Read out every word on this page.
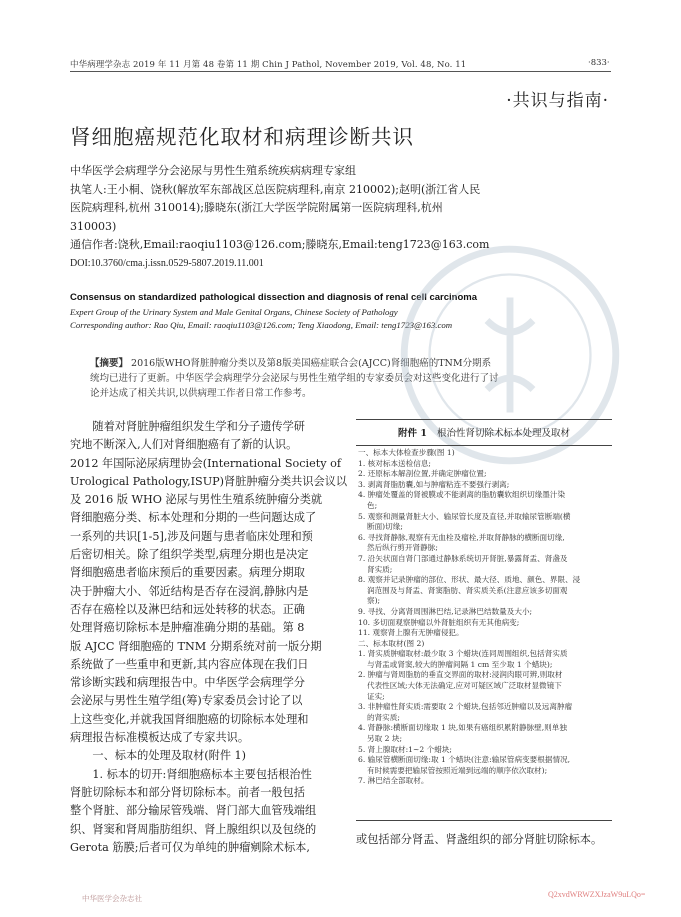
中华病理学杂志 2019 年 11 月第 48 卷第 11 期 Chin J Pathol, November 2019, Vol. 48, No. 11	·833·
·共识与指南·
肾细胞癌规范化取材和病理诊断共识
中华医学会病理学分会泌尿与男性生殖系统疾病病理专家组
执笔人:王小桐、饶秋(解放军东部战区总医院病理科,南京 210002);赵明(浙江省人民
医院病理科,杭州 310014);滕晓东(浙江大学医学院附属第一医院病理科,杭州
310003)
通信作者:饶秋,Email:raoqiu1103@126.com;滕晓东,Email:teng1723@163.com
DOI:10.3760/cma.j.issn.0529-5807.2019.11.001
Consensus on standardized pathological dissection and diagnosis of renal cell carcinoma
Expert Group of the Urinary System and Male Genital Organs, Chinese Society of Pathology
Corresponding author: Rao Qiu, Email: raoqiu1103@126.com; Teng Xiaodong, Email: teng1723@163.com
【摘要】 2016版WHO肾脏肿瘤分类以及第8版美国癌症联合会(AJCC)肾细胞癌的TNM分期系
统均已进行了更新。中华医学会病理学分会泌尿与男性生殖学组的专家委员会对这些变化进行了讨
论并达成了相关共识,以供病理工作者日常工作参考。
随着对肾脏肿瘤组织发生学和分子遗传学研
究地不断深入,人们对肾细胞癌有了新的认识。
2012 年国际泌尿病理协会(International Society of
Urological Pathology,ISUP)肾脏肿瘤分类共识会议以
及 2016 版 WHO 泌尿与男性生殖系统肿瘤分类就
肾细胞癌分类、标本处理和分期的一些问题达成了
一系列的共识[1-5],涉及问题与患者临床处理和预
后密切相关。除了组织学类型,病理分期也是决定
肾细胞癌患者临床预后的重要因素。病理分期取
决于肿瘤大小、邻近结构是否存在浸润,静脉内是
否存在癌栓以及淋巴结和远处转移的状态。正确
处理肾癌切除标本是肿瘤准确分期的基础。第 8
版 AJCC 肾细胞癌的 TNM 分期系统对前一版分期
系统做了一些重申和更新,其内容应体现在我们日
常诊断实践和病理报告中。中华医学会病理学分
会泌尿与男性生殖学组(筹)专家委员会讨论了以
上这些变化,并就我国肾细胞癌的切除标本处理和
病理报告标准模板达成了专家共识。
一、标本的处理及取材(附件 1)
1. 标本的切开:肾细胞癌标本主要包括根治性
肾脏切除标本和部分肾切除标本。前者一般包括
整个肾脏、部分输尿管残端、肾门部大血管残端组
织、肾窦和肾周脂肪组织、肾上腺组织以及包绕的
Gerota 筋膜;后者可仅为单纯的肿瘤剜除术标本,
附件 1 根治性肾切除术标本处理及取材
一、标本大体检查步骤(图 1)
1. 核对标本送检信息;
2. 还原标本解剖位置,并确定肿瘤位置;
3. 剥离肾脂肪囊,如与肿瘤粘连不要强行剥离;
4. 肿瘤处覆盖的肾被膜或不能剥离的脂肪囊软组织切缘墨汁染
色;
5. 观察和测量肾脏大小、输尿管长度及直径,并取输尿管断端(横
断面)切缘;
6. 寻找肾静脉,观察有无血栓及瘤栓,并取肾静脉的横断面切缘,
然后纵行剪开肾静脉;
7. 沿矢状面自肾门部通过静脉系统切开肾脏,暴露肾盂、肾盏及
肾实质;
8. 观察并记录肿瘤的部位、形状、最大径、质地、颜色、界限、浸
润范围及与肾盂、肾窦脂肪、肾实质关系(注意应该多切面观
察);
9. 寻找、分离肾周围淋巴结,记录淋巴结数量及大小;
10. 多切面观察肿瘤以外肾脏组织有无其他病变;
11. 观察肾上腺有无肿瘤侵犯。
二、标本取材(图 2)
1. 肾实质肿瘤取材:最少取 3 个蜡块(连同周围组织,包括肾实质
与肾盂或肾窦,较大的肿瘤间隔 1 cm 至少取 1 个蜡块);
2. 肿瘤与肾周脂肪的垂直交界面的取材:浸润肉眼可辨,则取材
代表性区域;大体无法确定,应对可疑区域广泛取材显微镜下
证实;
3. 非肿瘤性肾实质:需要取 2 个蜡块,包括邻近肿瘤以及远离肿瘤
的肾实质;
4. 肾静脉:横断面切缘取 1 块,如果有癌组织累附静脉壁,则单独
另取 2 块;
5. 肾上腺取材:1~2 个蜡块;
6. 输尿管横断面切缘:取 1 个蜡块(注意:输尿管病变要根据情况,
有时候需要把输尿管按照近端到远端的顺序依次取材);
7. 淋巴结全部取材。
或包括部分肾盂、肾盏组织的部分肾脏切除标本。
中华医学会杂志社	Q2xvdWRWZXJzaW9uLQo=
